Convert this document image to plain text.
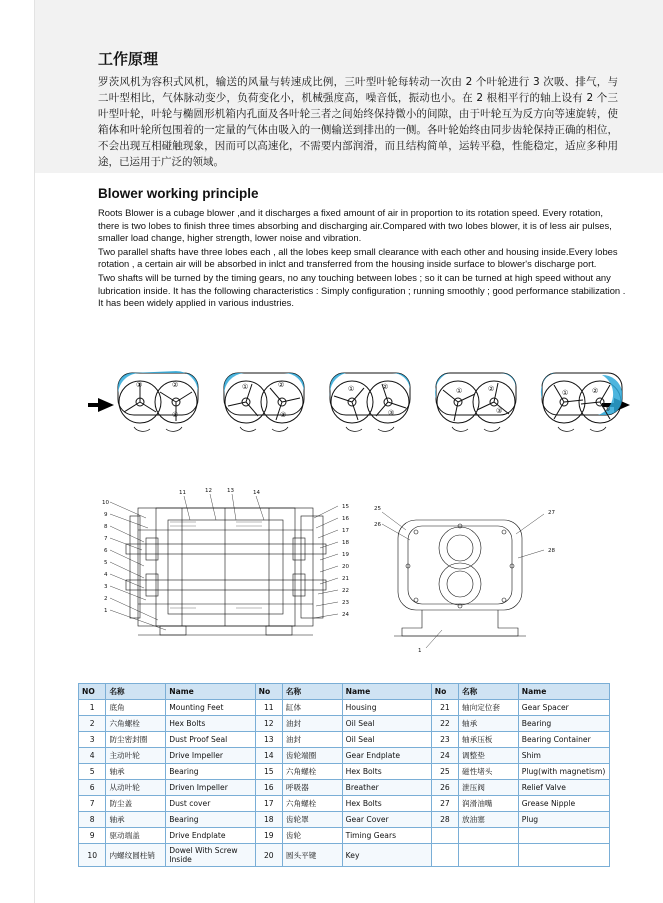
工作原理
罗茨风机为容积式风机，输送的风量与转速成比例，三叶型叶轮每转动一次由 2 个叶轮进行 3 次吸、排气，与二叶型相比，气体脉动变少，负荷变化小，机械强度高，噪音低，振动也小。在 2 根相平行的轴上设有 2 个三叶型叶轮，叶轮与椭圆形机箱内孔面及各叶轮三者之间始终保持微小的间隙，由于叶轮互为反方向等速旋转，使箱体和叶轮所包围着的一定量的气体由吸入的一侧输送到排出的一侧。各叶轮始终由同步齿轮保持正确的相位，不会出现互相碰触现象，因而可以高速化，不需要内部润滑，而且结构简单，运转平稳，性能稳定，适应多种用途，已运用于广泛的领域。
Blower working principle

Roots Blower is a cubage blower ,and it discharges a fixed amount of air in proportion to its rotation speed. Every rotation, there is two lobes to finish three times absorbing and discharging air.Compared with two lobes blower, it is of less air pulses, smaller load change, higher strength, lower noise and vibration.

Two parallel shafts have three lobes each , all the lobes keep small clearance with each other and housing inside.Every lobes rotation , a certain air will be absorbed in inlct and transferred from the housing inside surface to blower's discharge port.

Two shafts will be turned by the timing gears, no any touching between lobes ; so it can be turned at high speed without any lubrication inside. It has the following characteristics : Simply configuration ; running smoothly ; good performance stabilization . It has been widely applied in various industries.

①	②
③
①	②
③
①	②
③
①	②
③
①	②
③
10
9
8
7
6
5
4
3
2
1
11	12	13	14
15
16
17
18
19
20
21
22
23
24
25
26
27
28
1
NO	名称	Name	No	名称	Name	No	名称	Name
1	底角	Mounting Feet	11	缸体	Housing	21	轴向定位套	Gear Spacer
2	六角螺栓	Hex Bolts	12	油封	Oil Seal	22	轴承	Bearing
3	防尘密封圈	Dust Proof Seal	13	油封	Oil Seal	23	轴承压板	Bearing Container
4	主动叶轮	Drive Impeller	14	齿轮端圈	Gear Endplate	24	调整垫	Shim
5	轴承	Bearing	15	六角螺栓	Hex Bolts	25	磁性堵头	Plug(with magnetism)
6	从动叶轮	Driven Impeller	16	呼吸器	Breather	26	泄压阀	Relief Valve
7	防尘盖	Dust cover	17	六角螺栓	Hex Bolts	27	润滑油嘴	Grease Nipple
8	轴承	Bearing	18	齿轮罩	Gear Cover	28	放油塞	Plug
9	驱动端盖	Drive Endplate	19	齿轮	Timing Gears			
10	内螺纹圆柱销	Dowel With Screw Inside	20	圆头平键	Key			
